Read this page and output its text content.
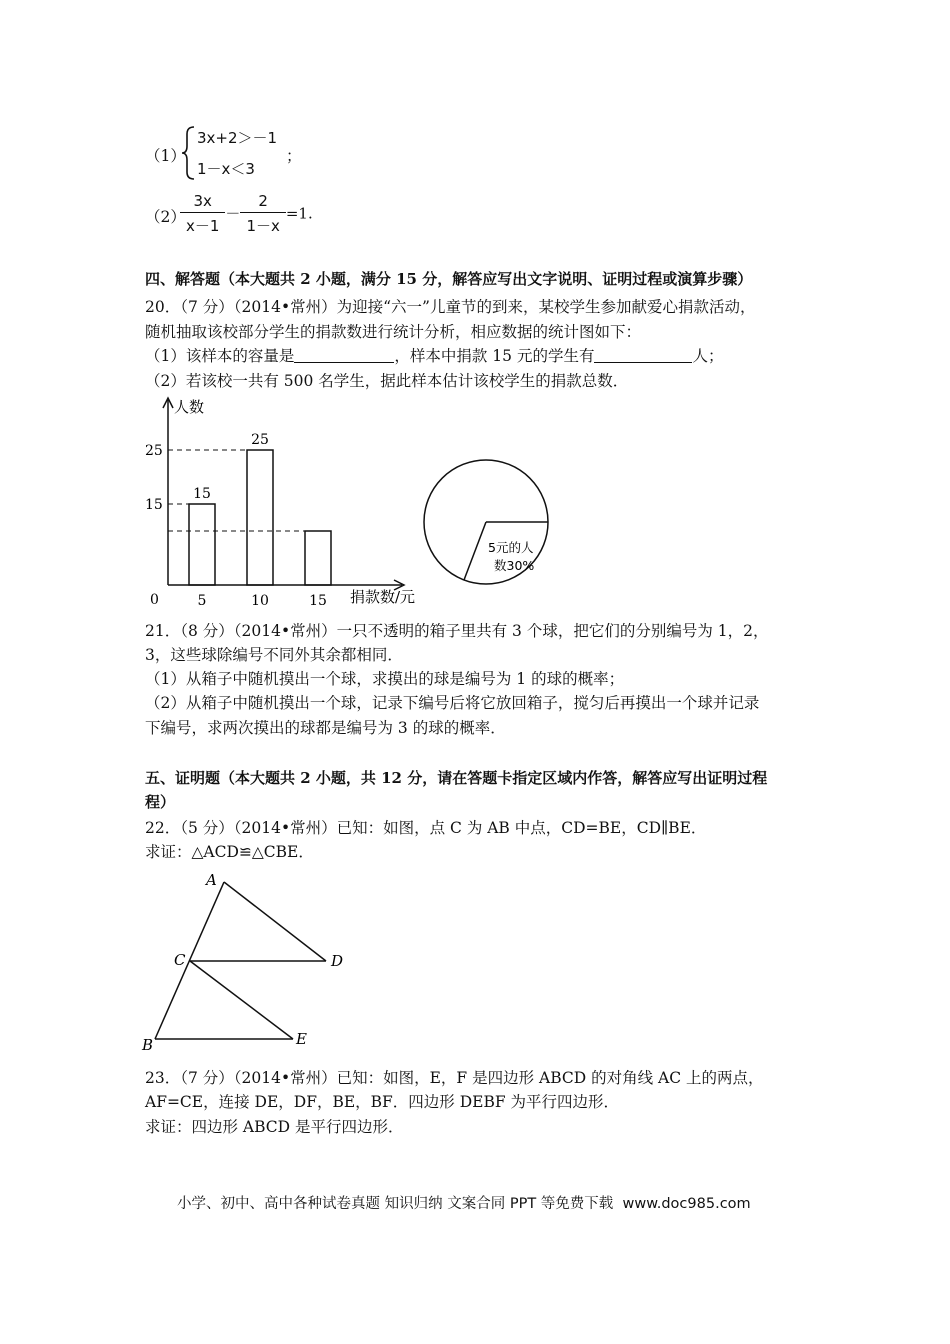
（1）
3x+2＞－1
1－x＜3
；
（2）
$\frac{3x}{x-1} - \frac{2}{1-x} =1$.
四、解答题（本大题共 2 小题，满分 15 分，解答应写出文字说明、证明过程或演算步骤）
20．（7 分）（2014•常州）为迎接“六一”儿童节的到来，某校学生参加献爱心捐款活动，
随机抽取该校部分学生的捐款数进行统计分析，相应数据的统计图如下：
（1）该样本的容量是	，样本中捐款 15 元的学生有	人；
（2）若该校一共有 500 名学生，据此样本估计该校学生的捐款总数．
人数
捐款数/元
0
15
25
5
15
10
25
15
5元的人
数30%
21．（8 分）（2014•常州）一只不透明的箱子里共有 3 个球，把它们的分别编号为 1，2，
3，这些球除编号不同外其余都相同．
（1）从箱子中随机摸出一个球，求摸出的球是编号为 1 的球的概率；
（2）从箱子中随机摸出一个球，记录下编号后将它放回箱子，搅匀后再摸出一个球并记录
下编号，求两次摸出的球都是编号为 3 的球的概率．
五、证明题（本大题共 2 小题，共 12 分，请在答题卡指定区域内作答，解答应写出证明过程
程）
22．（5 分）（2014•常州）已知：如图，点 C 为 AB 中点，CD=BE，CD∥BE．
求证：△ACD≌△CBE．
A
C	D
B	E
23．（7 分）（2014•常州）已知：如图，E，F 是四边形 ABCD 的对角线 AC 上的两点，
AF=CE，连接 DE，DF，BE，BF．四边形 DEBF 为平行四边形．
求证：四边形 ABCD 是平行四边形．
小学、初中、高中各种试卷真题 知识归纳 文案合同 PPT 等免费下载 www.doc985.com
